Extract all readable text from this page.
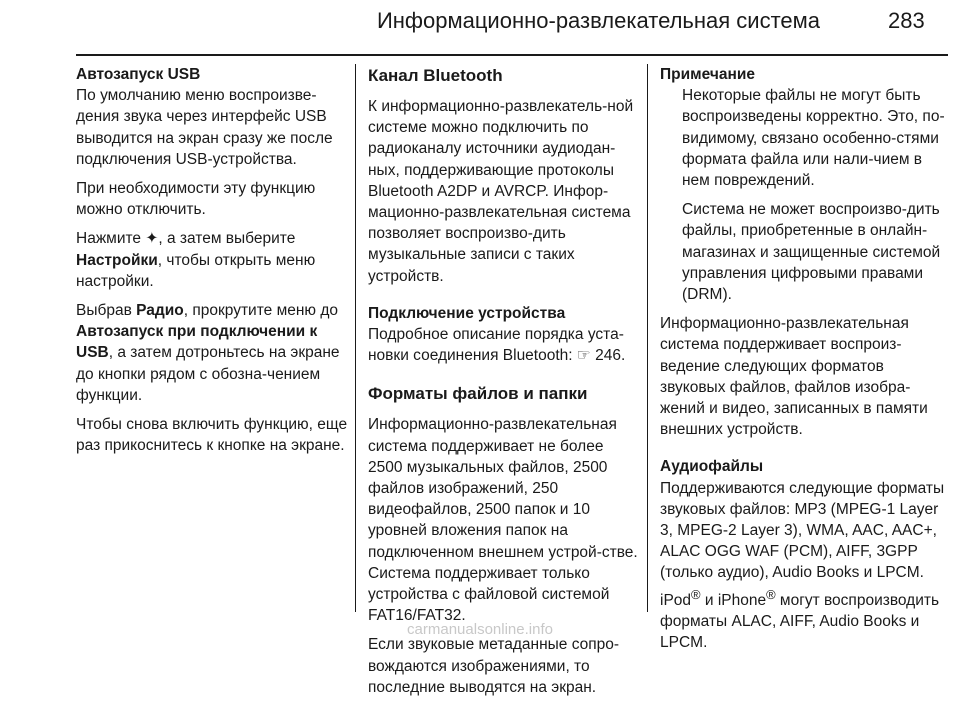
Информационно-развлекательная система	283
Автозапуск USB

По умолчанию меню воспроизве-дения звука через интерфейс USB выводится на экран сразу же после подключения USB-устройства.

При необходимости эту функцию можно отключить.

Нажмите ✦, а затем выберите Настройки, чтобы открыть меню настройки.

Выбрав Радио, прокрутите меню до Автозапуск при подключении к USB, а затем дотроньтесь на экране до кнопки рядом с обозна-чением функции.

Чтобы снова включить функцию, еще раз прикоснитесь к кнопке на экране.

Канал Bluetooth

К информационно-развлекатель-ной системе можно подключить по радиоканалу источники аудиодан-ных, поддерживающие протоколы Bluetooth A2DP и AVRCP. Инфор-мационно-развлекательная система позволяет воспроизво-дить музыкальные записи с таких устройств.

Подключение устройства

Подробное описание порядка уста-новки соединения Bluetooth: ☞ 246.

Форматы файлов и папки

Информационно-развлекательная система поддерживает не более 2500 музыкальных файлов, 2500 файлов изображений, 250 видеофайлов, 2500 папок и 10 уровней вложения папок на подключенном внешнем устрой-стве. Система поддерживает только устройства с файловой системой FAT16/FAT32.

Если звуковые метаданные сопро-вождаются изображениями, то последние выводятся на экран.

Примечание

Некоторые файлы не могут быть воспроизведены корректно. Это, по-видимому, связано особенно-стями формата файла или нали-чием в нем повреждений.

Система не может воспроизво-дить файлы, приобретенные в онлайн-магазинах и защищенные системой управления цифровыми правами (DRM).

Информационно-развлекательная система поддерживает воспроиз-ведение следующих форматов звуковых файлов, файлов изобра-жений и видео, записанных в памяти внешних устройств.

Аудиофайлы

Поддерживаются следующие форматы звуковых файлов: MP3 (MPEG-1 Layer 3, MPEG-2 Layer 3), WMA, AAC, AAC+, ALAC OGG WAF (PCM), AIFF, 3GPP (только аудио), Audio Books и LPCM. iPod® и iPhone® могут воспроизводить форматы ALAC, AIFF, Audio Books и LPCM.

carmanualsonline.info
